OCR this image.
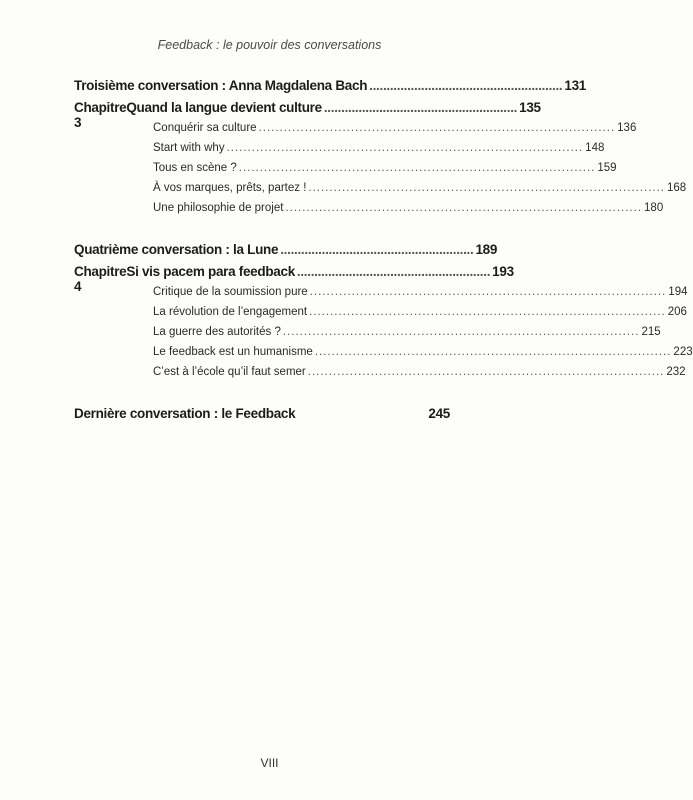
Feedback : le pouvoir des conversations
Troisième conversation : Anna Magdalena Bach ........................................................ 131
Chapitre 3
Quand la langue devient culture ........................................................ 135
Conquérir sa culture ..................................................................................... 136
Start with why ..................................................................................... 148
Tous en scène ? ..................................................................................... 159
À vos marques, prêts, partez ! ..................................................................................... 168
Une philosophie de projet ..................................................................................... 180
Quatrième conversation : la Lune ........................................................ 189
Chapitre 4
Si vis pacem para feedback ........................................................ 193
Critique de la soumission pure ..................................................................................... 194
La révolution de l’engagement ..................................................................................... 206
La guerre des autorités ? ..................................................................................... 215
Le feedback est un humanisme ..................................................................................... 223
C’est à l’école qu’il faut semer ..................................................................................... 232
Dernière conversation : le Feedback	245
VIII
